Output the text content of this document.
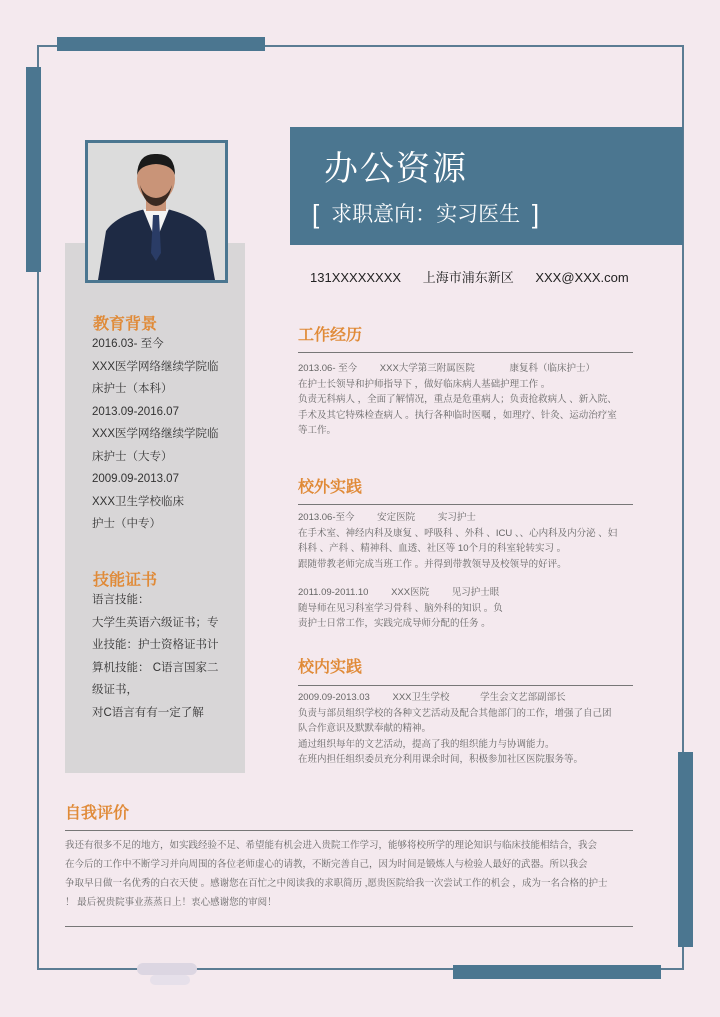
办公资源
[ 求职意向：实习医生 ]
131XXXXXXXX 上海市浦东新区 XXX@XXX.com
教育背景
2016.03- 至今
XXX医学网络继续学院临
床护士（本科）
2013.09-2016.07
XXX医学网络继续学院临
床护士（大专）
2009.09-2013.07
XXX卫生学校临床
护士（中专）
技能证书
语言技能：
大学生英语六级证书；专
业技能：护士资格证书计
算机技能： C语言国家二
级证书，
对C语言有有一定了解
工作经历
2013.06- 至今 XXX大学第三附属医院	康复科（临床护士）
在护士长领导和护师指导下 ，做好临床病人基础护理工作 。
负责无科病人 ，全面了解情况，重点是危重病人；负责抢救病人 、新入院、
手术及其它特殊检查病人 。执行各种临时医嘱 ，如理疗、针灸、运动治疗室
等工作。
校外实践
2013.06-至今 安定医院 实习护士
在手术室、神经内科及康复 、呼吸科 、外科 、ICU 、、心内科及内分泌 、妇
科科 、产科 、精神科、血透、社区等 10个月的科室轮转实习 。
跟随带教老师完成当班工作 。并得到带教领导及校领导的好评。
2011.09-2011.10 XXX医院 见习护士眼
随导师在见习科室学习骨科 、脑外科的知识 。负
责护士日常工作，实践完成导师分配的任务 。
校内实践
2009.09-2013.03 XXX卫生学校	学生会文艺部副部长
负责与部员组织学校的各种文艺活动及配合其他部门的工作，增强了自己团
队合作意识及默默奉献的精神。
通过组织每年的文艺活动，提高了我的组织能力与协调能力。
在班内担任组织委员充分利用课余时间，积极参加社区医院服务等。
自我评价
我还有很多不足的地方，如实践经验不足、希望能有机会进入贵院工作学习，能够将校所学的理论知识与临床技能相结合，我会
在今后的工作中不断学习并向周围的各位老师虚心的请教，不断完善自己，因为时间是锻炼人与检验人最好的武器。所以我会
争取早日做一名优秀的白衣天使 。感谢您在百忙之中阅读我的求职简历 ,愿贵医院给我一次尝试工作的机会 ，成为一名合格的护士
！ 最后祝贵院事业蒸蒸日上！衷心感谢您的审阅！
